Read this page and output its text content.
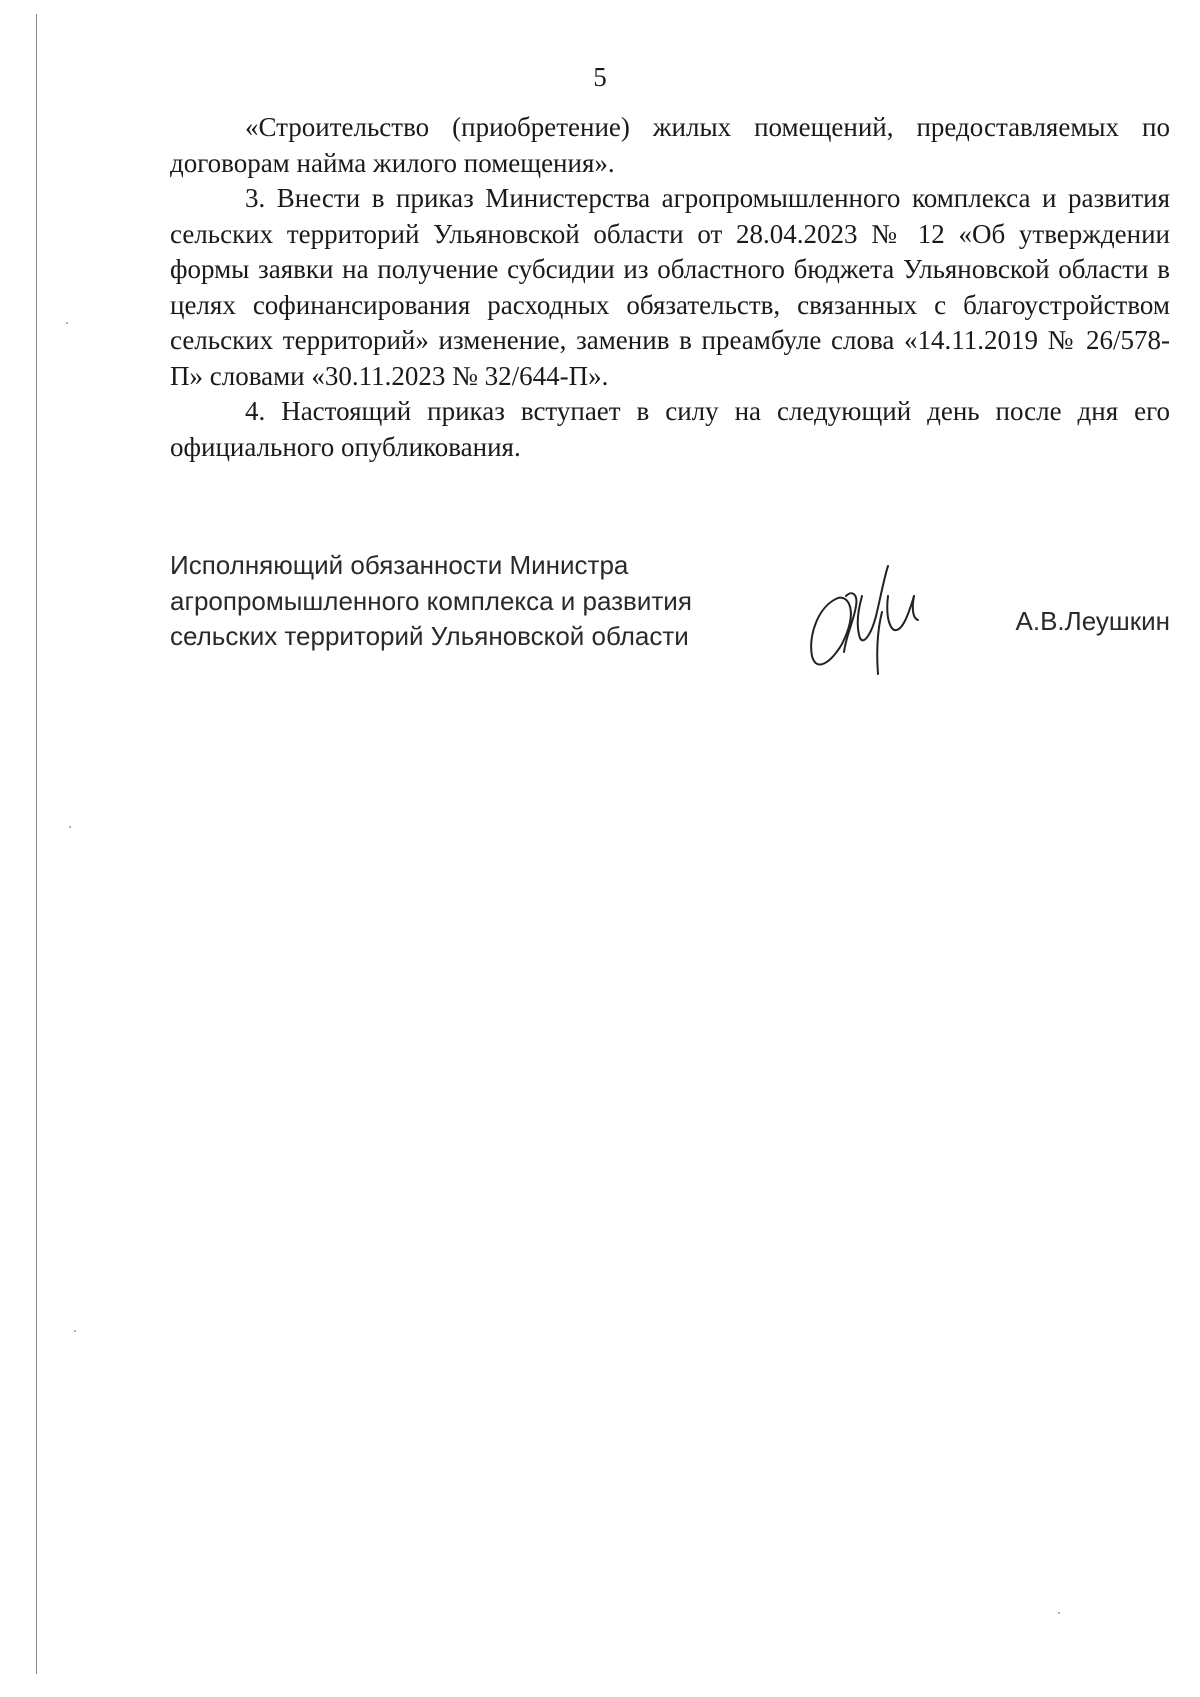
5

«Строительство (приобретение) жилых помещений, предоставляемых по договорам найма жилого помещения».

3. Внести в приказ Министерства агропромышленного комплекса и развития сельских территорий Ульяновской области от 28.04.2023 № 12 «Об утверждении формы заявки на получение субсидии из областного бюджета Ульяновской области в целях софинансирования расходных обязательств, связанных с благоустройством сельских территорий» изменение, заменив в преамбуле слова «14.11.2019 № 26/578-П» словами «30.11.2023 № 32/644-П».

4. Настоящий приказ вступает в силу на следующий день после дня его официального опубликования.

Исполняющий обязанности Министра
агропромышленного комплекса и развития
сельских территорий Ульяновской области	А.В.Леушкин
